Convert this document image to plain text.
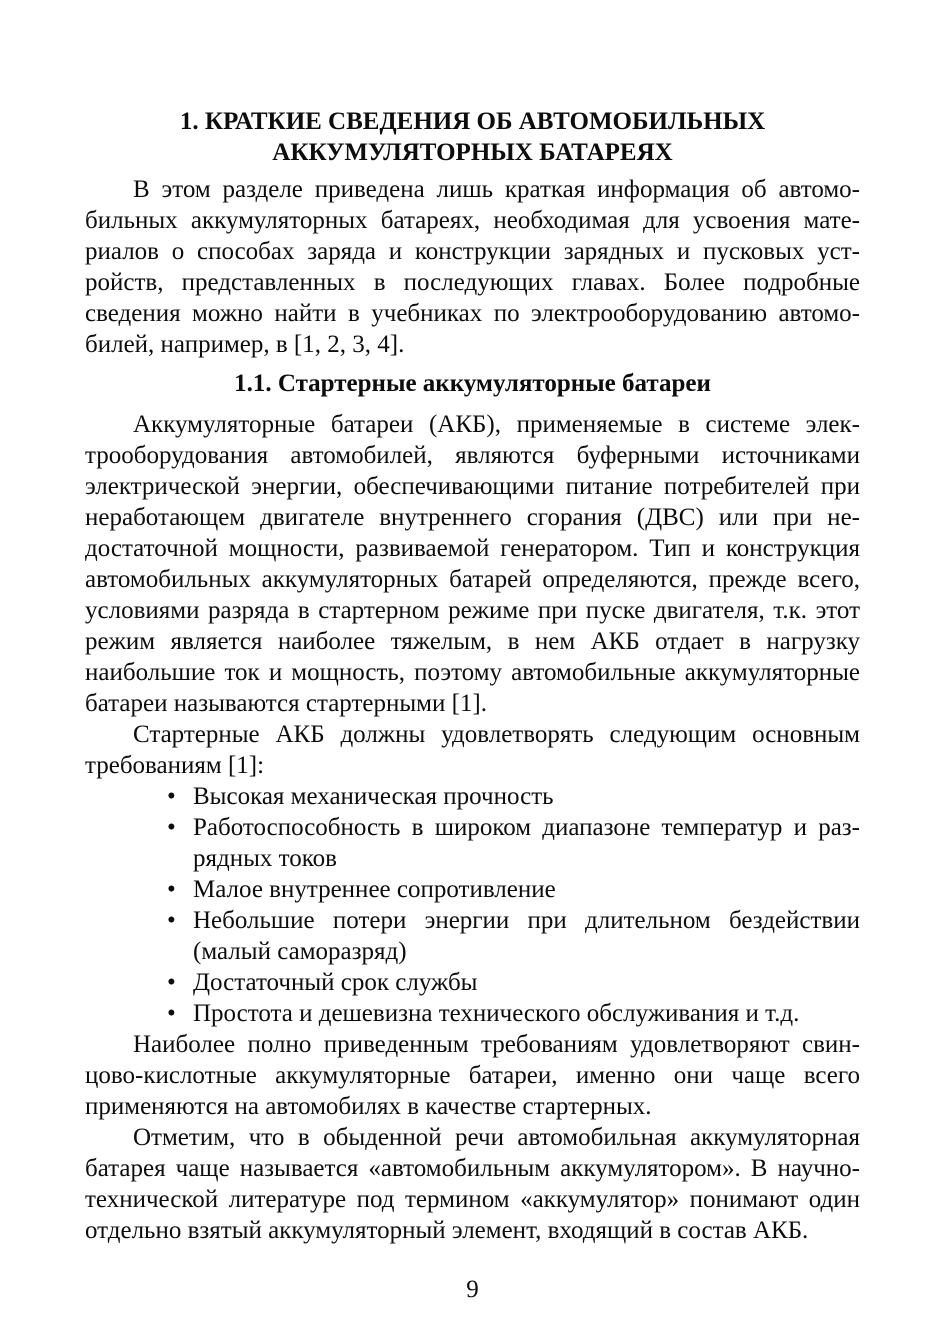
1. КРАТКИЕ СВЕДЕНИЯ ОБ АВТОМОБИЛЬНЫХ
АККУМУЛЯТОРНЫХ БАТАРЕЯХ

В этом разделе приведена лишь краткая информация об автомобильных аккумуляторных батареях, необходимая для усвоения материалов о способах заряда и конструкции зарядных и пусковых устройств, представленных в последующих главах. Более подробные сведения можно найти в учебниках по электрооборудованию автомобилей, например, в [1, 2, 3, 4].

1.1. Стартерные аккумуляторные батареи

Аккумуляторные батареи (АКБ), применяемые в системе электрооборудования автомобилей, являются буферными источниками электрической энергии, обеспечивающими питание потребителей при неработающем двигателе внутреннего сгорания (ДВС) или при недостаточной мощности, развиваемой генератором. Тип и конструкция автомобильных аккумуляторных батарей определяются, прежде всего, условиями разряда в стартерном режиме при пуске двигателя, т.к. этот режим является наиболее тяжелым, в нем АКБ отдает в нагрузку наибольшие ток и мощность, поэтому автомобильные аккумуляторные батареи называются стартерными [1].

Стартерные АКБ должны удовлетворять следующим основным требованиям [1]:

• Высокая механическая прочность
• Работоспособность в широком диапазоне температур и разрядных токов
• Малое внутреннее сопротивление
• Небольшие потери энергии при длительном бездействии (малый саморазряд)
• Достаточный срок службы
• Простота и дешевизна технического обслуживания и т.д.

Наиболее полно приведенным требованиям удовлетворяют свинцово-кислотные аккумуляторные батареи, именно они чаще всего применяются на автомобилях в качестве стартерных.

Отметим, что в обыденной речи автомобильная аккумуляторная батарея чаще называется «автомобильным аккумулятором». В научно-технической литературе под термином «аккумулятор» понимают один отдельно взятый аккумуляторный элемент, входящий в состав АКБ.

9
